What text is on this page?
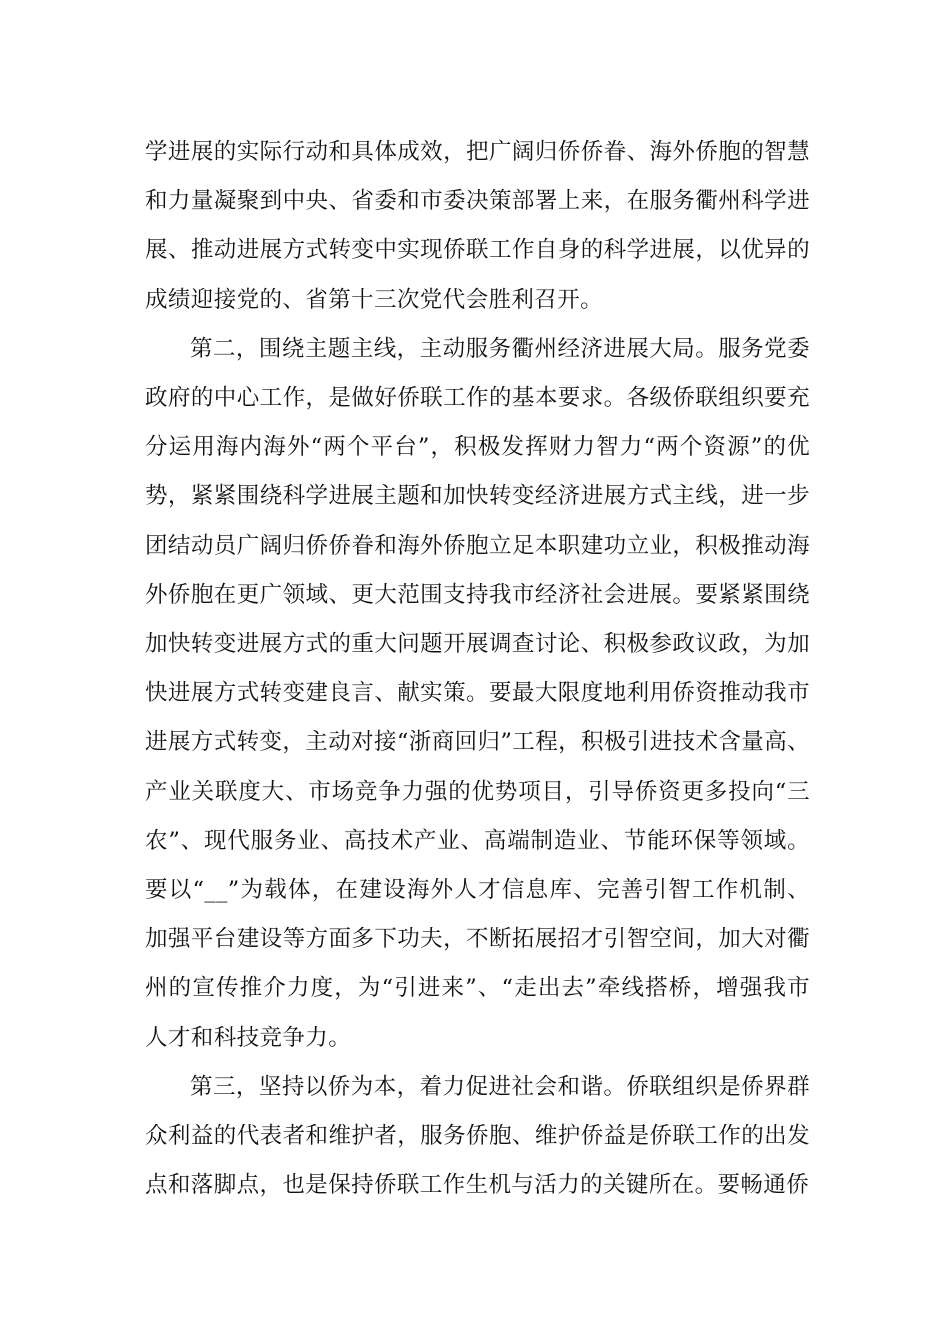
学进展的实际行动和具体成效，把广阔归侨侨眷、海外侨胞的智慧和力量凝聚到中央、省委和市委决策部署上来，在服务衢州科学进展、推动进展方式转变中实现侨联工作自身的科学进展，以优异的成绩迎接党的、省第十三次党代会胜利召开。

第二，围绕主题主线，主动服务衢州经济进展大局。服务党委政府的中心工作，是做好侨联工作的基本要求。各级侨联组织要充分运用海内海外“两个平台”，积极发挥财力智力“两个资源”的优势，紧紧围绕科学进展主题和加快转变经济进展方式主线，进一步团结动员广阔归侨侨眷和海外侨胞立足本职建功立业，积极推动海外侨胞在更广领域、更大范围支持我市经济社会进展。要紧紧围绕加快转变进展方式的重大问题开展调查讨论、积极参政议政，为加快进展方式转变建良言、献实策。要最大限度地利用侨资推动我市进展方式转变，主动对接“浙商回归”工程，积极引进技术含量高、产业关联度大、市场竞争力强的优势项目，引导侨资更多投向“三农”、现代服务业、高技术产业、高端制造业、节能环保等领域。要以“__”为载体，在建设海外人才信息库、完善引智工作机制、加强平台建设等方面多下功夫，不断拓展招才引智空间，加大对衢州的宣传推介力度，为“引进来”、“走出去”牵线搭桥，增强我市人才和科技竞争力。

第三，坚持以侨为本，着力促进社会和谐。侨联组织是侨界群众利益的代表者和维护者，服务侨胞、维护侨益是侨联工作的出发点和落脚点，也是保持侨联工作生机与活力的关键所在。要畅通侨
